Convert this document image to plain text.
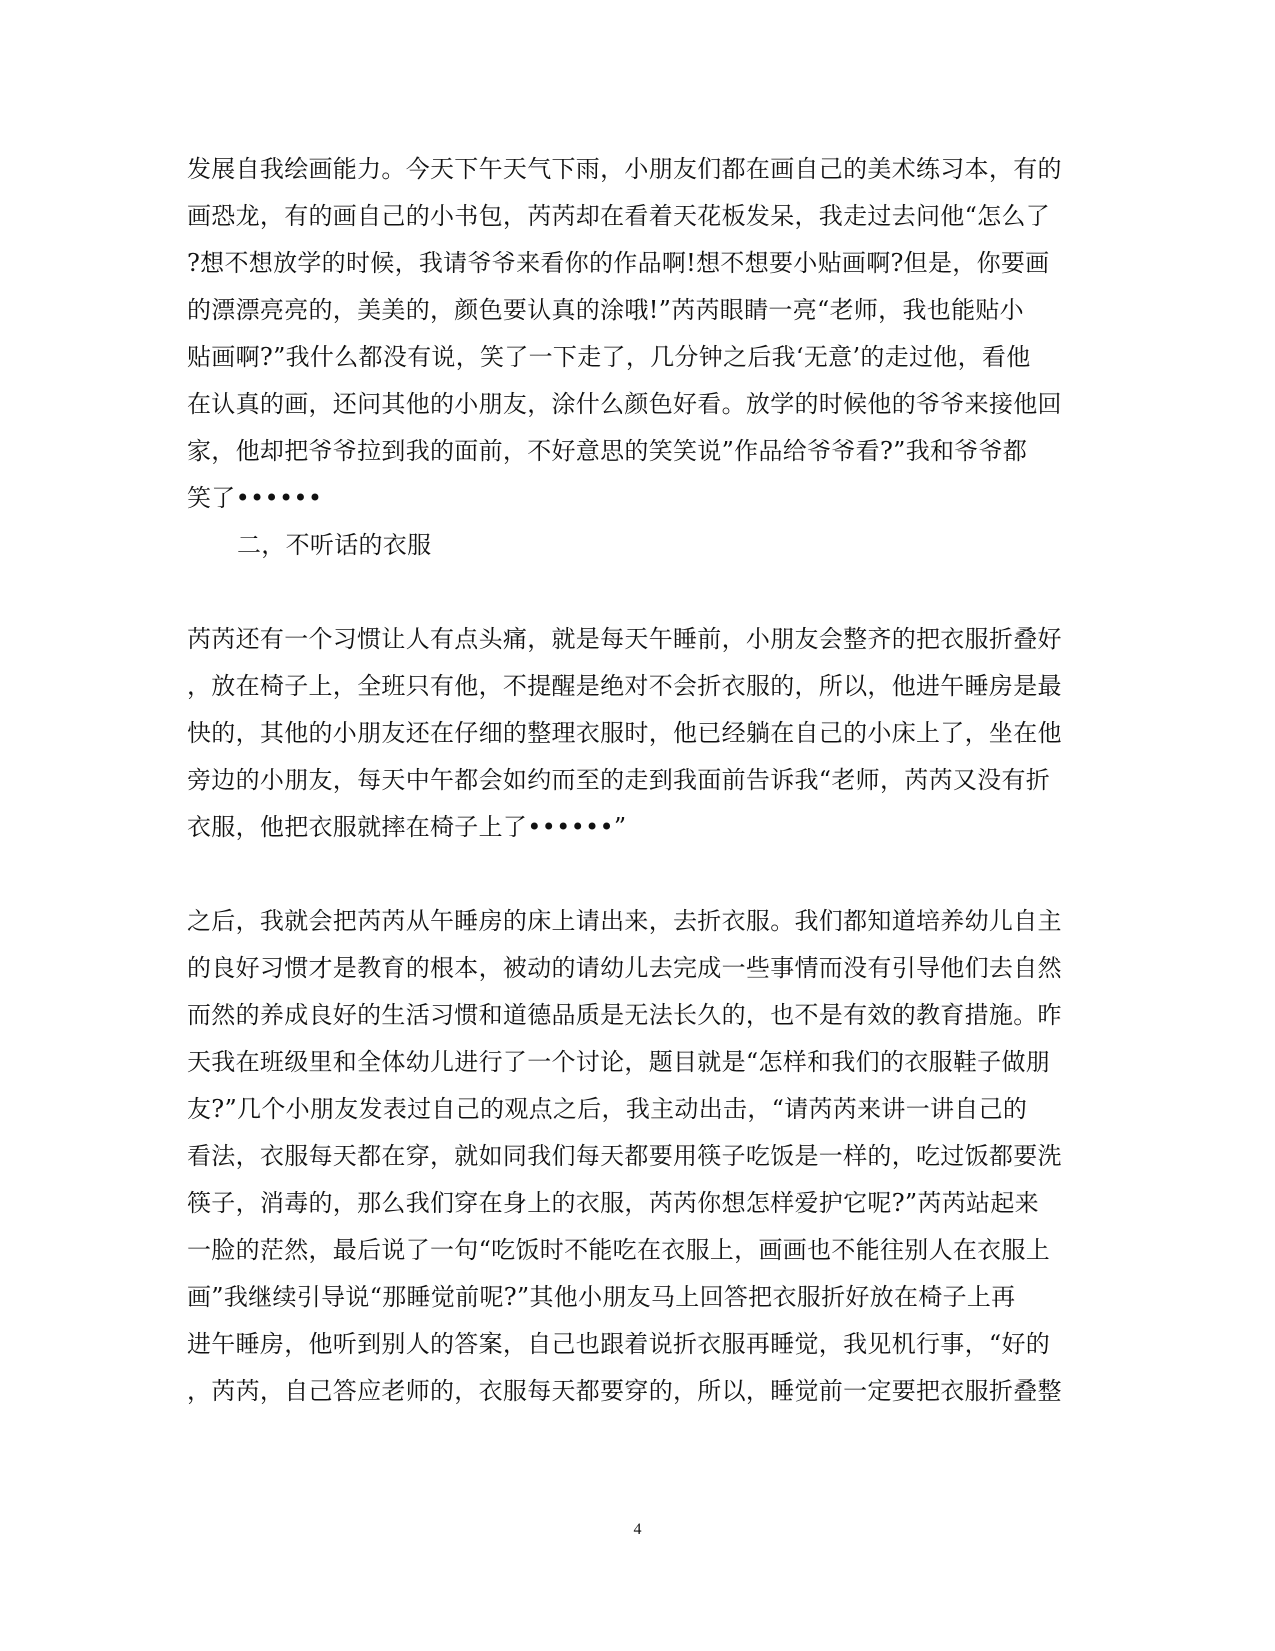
发展自我绘画能力。今天下午天气下雨，小朋友们都在画自己的美术练习本，有的
画恐龙，有的画自己的小书包，芮芮却在看着天花板发呆，我走过去问他“怎么了
?想不想放学的时候，我请爷爷来看你的作品啊!想不想要小贴画啊?但是，你要画
的漂漂亮亮的，美美的，颜色要认真的涂哦!”芮芮眼睛一亮“老师，我也能贴小
贴画啊?”我什么都没有说，笑了一下走了，几分钟之后我‘无意’的走过他，看他
在认真的画，还问其他的小朋友，涂什么颜色好看。放学的时候他的爷爷来接他回
家，他却把爷爷拉到我的面前，不好意思的笑笑说”作品给爷爷看?”我和爷爷都
笑了••••••
二，不听话的衣服
芮芮还有一个习惯让人有点头痛，就是每天午睡前，小朋友会整齐的把衣服折叠好
，放在椅子上，全班只有他，不提醒是绝对不会折衣服的，所以，他进午睡房是最
快的，其他的小朋友还在仔细的整理衣服时，他已经躺在自己的小床上了，坐在他
旁边的小朋友，每天中午都会如约而至的走到我面前告诉我“老师，芮芮又没有折
衣服，他把衣服就摔在椅子上了••••••”
之后，我就会把芮芮从午睡房的床上请出来，去折衣服。我们都知道培养幼儿自主
的良好习惯才是教育的根本，被动的请幼儿去完成一些事情而没有引导他们去自然
而然的养成良好的生活习惯和道德品质是无法长久的，也不是有效的教育措施。昨
天我在班级里和全体幼儿进行了一个讨论，题目就是“怎样和我们的衣服鞋子做朋
友?”几个小朋友发表过自己的观点之后，我主动出击，“请芮芮来讲一讲自己的
看法，衣服每天都在穿，就如同我们每天都要用筷子吃饭是一样的，吃过饭都要洗
筷子，消毒的，那么我们穿在身上的衣服，芮芮你想怎样爱护它呢?”芮芮站起来
一脸的茫然，最后说了一句“吃饭时不能吃在衣服上，画画也不能往别人在衣服上
画”我继续引导说“那睡觉前呢?”其他小朋友马上回答把衣服折好放在椅子上再
进午睡房，他听到别人的答案，自己也跟着说折衣服再睡觉，我见机行事，“好的
，芮芮，自己答应老师的，衣服每天都要穿的，所以，睡觉前一定要把衣服折叠整
4
